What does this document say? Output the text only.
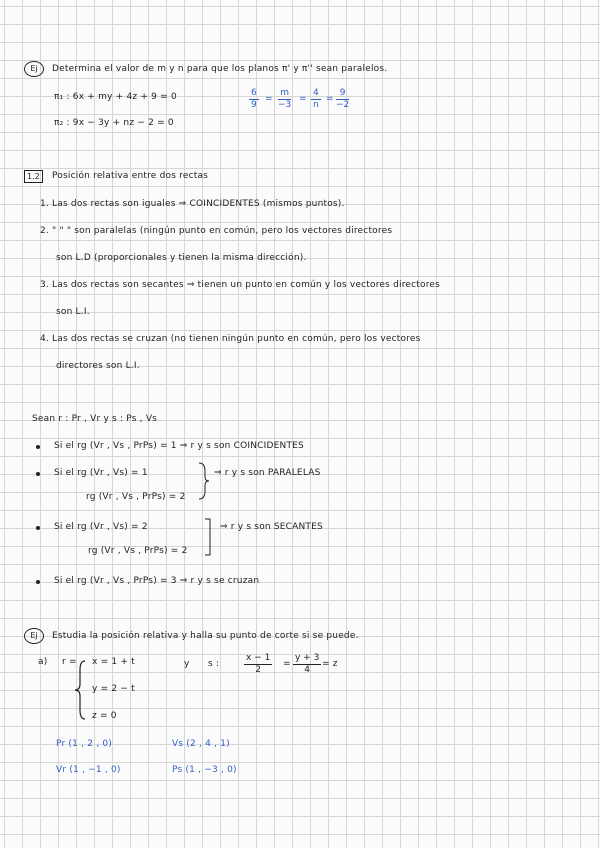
Ej	Determina el valor de m y n para que los planos π' y π'' sean paralelos.
π₁ : 6x + my + 4z + 9 = 0
π₂ : 9x − 3y + nz − 2 = 0
$\frac{6}{9} = \frac{m}{-3} = \frac{4}{n} = \frac{9}{-2}$
1.2	Posición relativa entre dos rectas
1. Las dos rectas son iguales ⇒ COINCIDENTES (mismos puntos).
2. " " " son paralelas (ningún punto en común, pero los vectores directores
son L.D (proporcionales y tienen la misma dirección).
3. Las dos rectas son secantes ⇒ tienen un punto en común y los vectores directores
son L.I.
4. Las dos rectas se cruzan (no tienen ningún punto en común, pero los vectores
directores son L.I.
Sean r : Pr , Vr y s : Ps , Vs
Si el rg (Vr , Vs , PrPs) = 1 ⇒ r y s son COINCIDENTES
Si el rg (Vr , Vs) = 1
rg (Vr , Vs , PrPs) = 2
⇒ r y s son PARALELAS
Si el rg (Vr , Vs) = 2
rg (Vr , Vs , PrPs) = 2
⇒ r y s son SECANTES
Si el rg (Vr , Vs , PrPs) = 3 ⇒ r y s se cruzan
Ej	Estudia la posición relativa y halla su punto de corte si se puede.
a) r = x = 1 + t
y = 2 − t
z = 0
y s :	$\frac{x - 1}{2} = \frac{y + 3}{4} = z$
Pr (1 , 2 , 0)
Vr (1 , −1 , 0)
Vs (2 , 4 , 1)
Ps (1 , −3 , 0)
